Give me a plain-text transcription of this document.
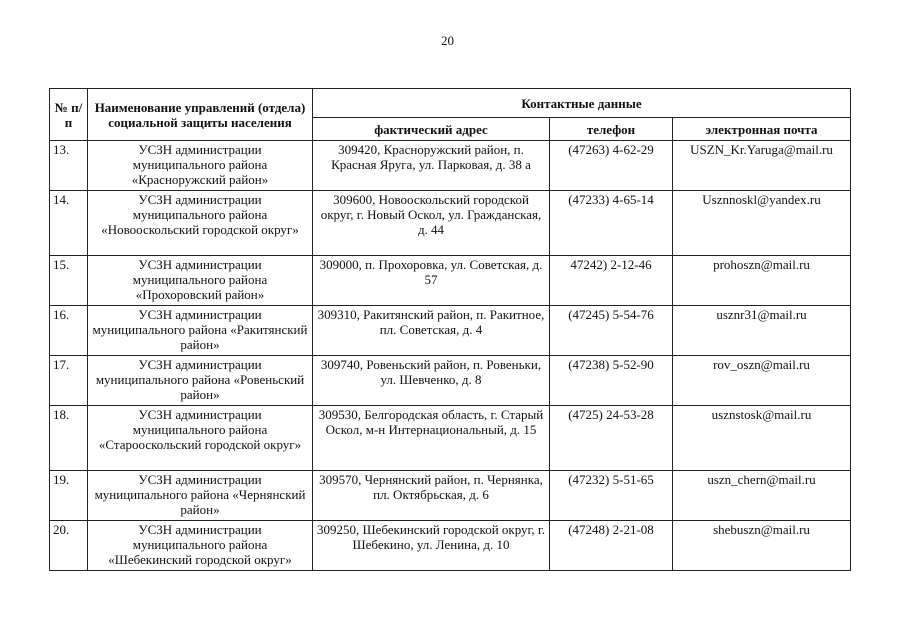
20
№ п/п	Наименование управлений (отдела) социальной защиты населения	Контактные данные		
		фактический адрес	телефон	электронная почта
13.	УСЗН администрации муниципального района «Красноружский район»	309420, Красноружский район, п. Красная Яруга, ул. Парковая, д. 38 а	(47263) 4-62-29	USZN_Kr.Yaruga@mail.ru
14.	УСЗН администрации муниципального района «Новооскольский городской округ»	309600, Новооскольский городской округ, г. Новый Оскол, ул. Гражданская, д. 44	(47233) 4-65-14	Usznnoskl@yandex.ru
15.	УСЗН администрации муниципального района «Прохоровский район»	309000, п. Прохоровка, ул. Советская, д. 57	47242) 2-12-46	prohoszn@mail.ru
16.	УСЗН администрации муниципального района «Ракитянский район»	309310, Ракитянский район, п. Ракитное, пл. Советская, д. 4	(47245) 5-54-76	usznr31@mail.ru
17.	УСЗН администрации муниципального района «Ровеньский район»	309740, Ровеньский район, п. Ровеньки, ул. Шевченко, д. 8	(47238) 5-52-90	rov_oszn@mail.ru
18.	УСЗН администрации муниципального района «Старооскольский городской округ»	309530, Белгородская область, г. Старый Оскол, м-н Интернациональный, д. 15	(4725) 24-53-28	usznstosk@mail.ru
19.	УСЗН администрации муниципального района «Чернянский район»	309570, Чернянский район, п. Чернянка, пл. Октябрьская, д. 6	(47232) 5-51-65	uszn_chern@mail.ru
20.	УСЗН администрации муниципального района «Шебекинский городской округ»	309250, Шебекинский городской округ, г. Шебекино, ул. Ленина, д. 10	(47248) 2-21-08	shebuszn@mail.ru
